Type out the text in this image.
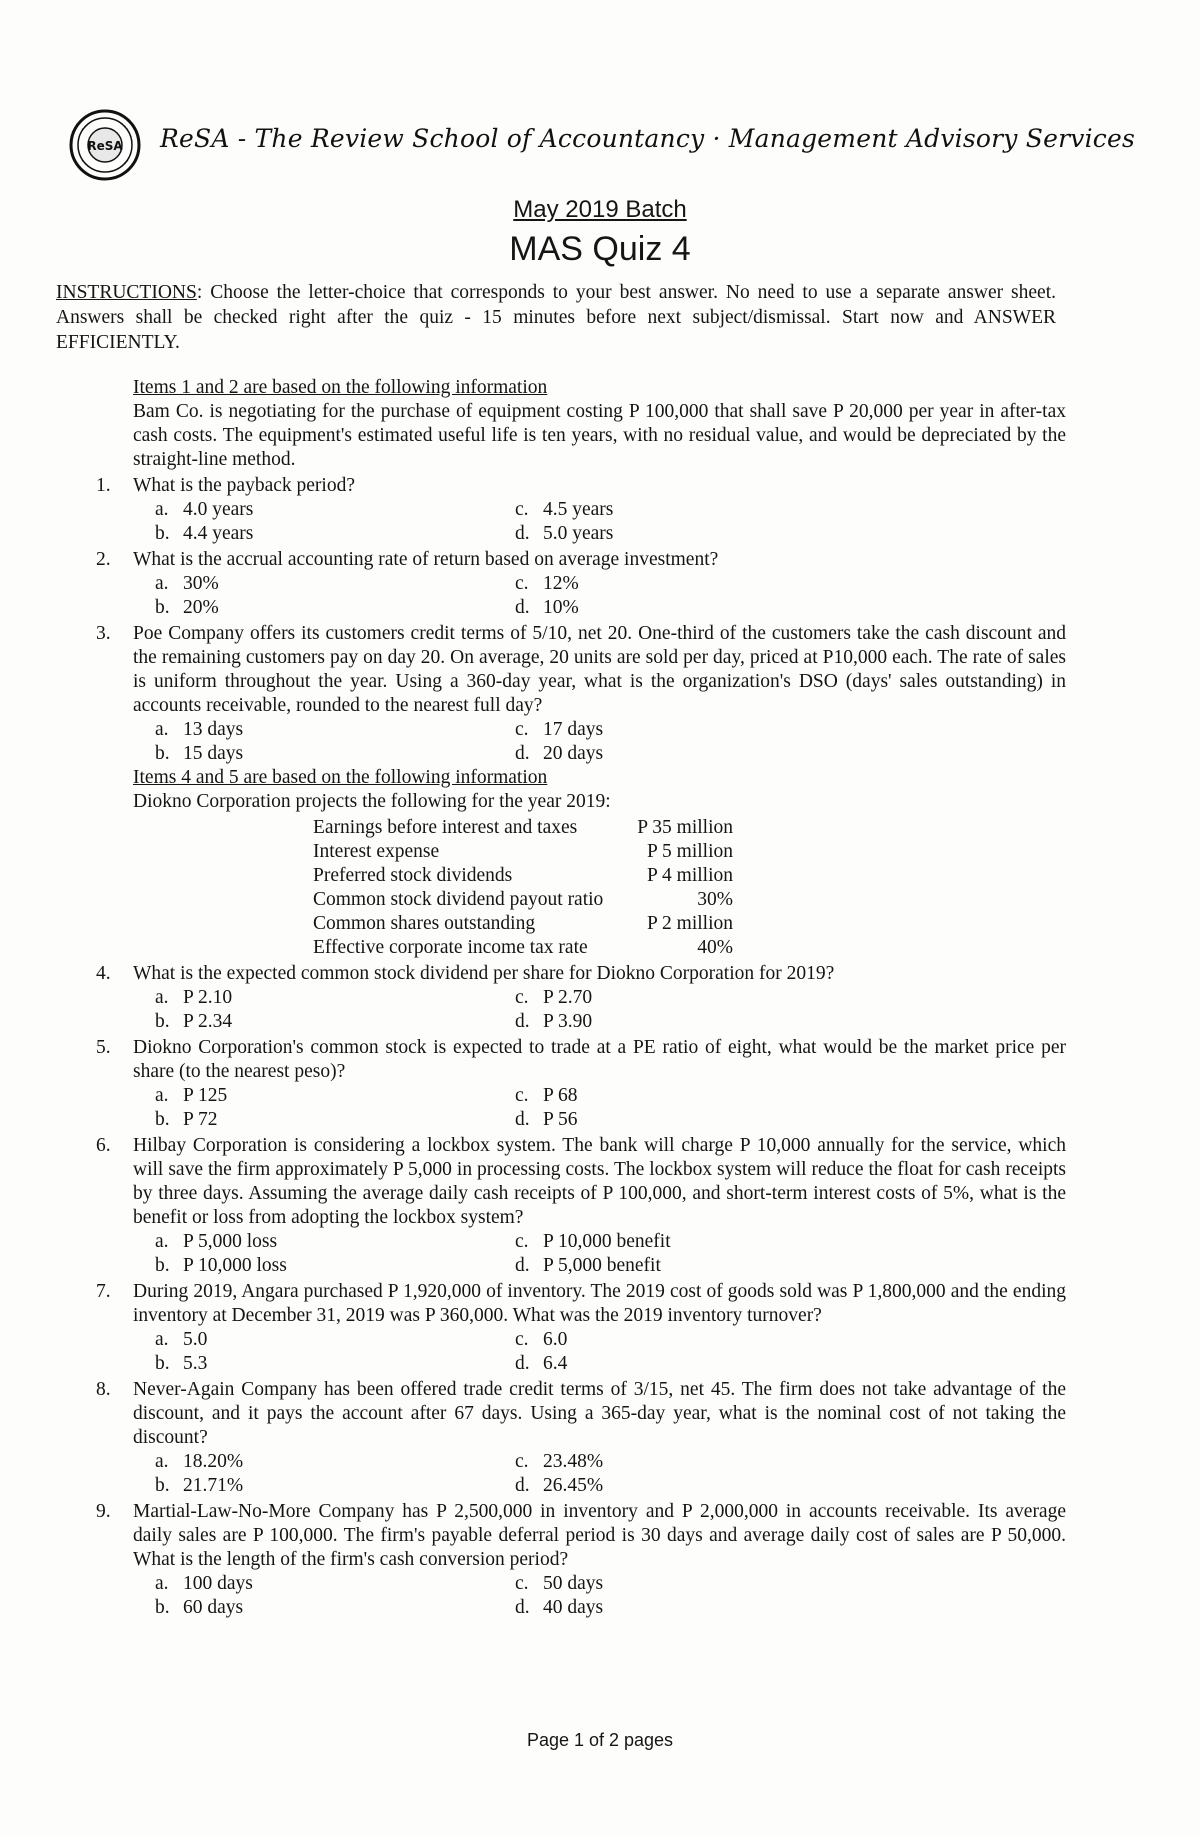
ReSA ReSA - The Review School of Accountancy · Management Advisory Services
May 2019 Batch
MAS Quiz 4
INSTRUCTIONS: Choose the letter-choice that corresponds to your best answer. No need to use a separate answer sheet. Answers shall be checked right after the quiz - 15 minutes before next subject/dismissal. Start now and ANSWER EFFICIENTLY.
Items 1 and 2 are based on the following information
Bam Co. is negotiating for the purchase of equipment costing P 100,000 that shall save P 20,000 per year in after-tax cash costs. The equipment's estimated useful life is ten years, with no residual value, and would be depreciated by the straight-line method.
1. What is the payback period?
a. 4.0 years	c. 4.5 years
b. 4.4 years	d. 5.0 years
2. What is the accrual accounting rate of return based on average investment?
a. 30%	c. 12%
b. 20%	d. 10%
3. Poe Company offers its customers credit terms of 5/10, net 20. One-third of the customers take the cash discount and the remaining customers pay on day 20. On average, 20 units are sold per day, priced at P10,000 each. The rate of sales is uniform throughout the year. Using a 360-day year, what is the organization's DSO (days' sales outstanding) in accounts receivable, rounded to the nearest full day?
a. 13 days	c. 17 days
b. 15 days	d. 20 days
Items 4 and 5 are based on the following information
Diokno Corporation projects the following for the year 2019:
Earnings before interest and taxes	P 35 million
Interest expense	P 5 million
Preferred stock dividends	P 4 million
Common stock dividend payout ratio	30%
Common shares outstanding	P 2 million
Effective corporate income tax rate	40%
4. What is the expected common stock dividend per share for Diokno Corporation for 2019?
a. P 2.10	c. P 2.70
b. P 2.34	d. P 3.90
5. Diokno Corporation's common stock is expected to trade at a PE ratio of eight, what would be the market price per share (to the nearest peso)?
a. P 125	c. P 68
b. P 72	d. P 56
6. Hilbay Corporation is considering a lockbox system. The bank will charge P 10,000 annually for the service, which will save the firm approximately P 5,000 in processing costs. The lockbox system will reduce the float for cash receipts by three days. Assuming the average daily cash receipts of P 100,000, and short-term interest costs of 5%, what is the benefit or loss from adopting the lockbox system?
a. P 5,000 loss	c. P 10,000 benefit
b. P 10,000 loss	d. P 5,000 benefit
7. During 2019, Angara purchased P 1,920,000 of inventory. The 2019 cost of goods sold was P 1,800,000 and the ending inventory at December 31, 2019 was P 360,000. What was the 2019 inventory turnover?
a. 5.0	c. 6.0
b. 5.3	d. 6.4
8. Never-Again Company has been offered trade credit terms of 3/15, net 45. The firm does not take advantage of the discount, and it pays the account after 67 days. Using a 365-day year, what is the nominal cost of not taking the discount?
a. 18.20%	c. 23.48%
b. 21.71%	d. 26.45%
9. Martial-Law-No-More Company has P 2,500,000 in inventory and P 2,000,000 in accounts receivable. Its average daily sales are P 100,000. The firm's payable deferral period is 30 days and average daily cost of sales are P 50,000. What is the length of the firm's cash conversion period?
a. 100 days	c. 50 days
b. 60 days	d. 40 days
Page 1 of 2 pages
